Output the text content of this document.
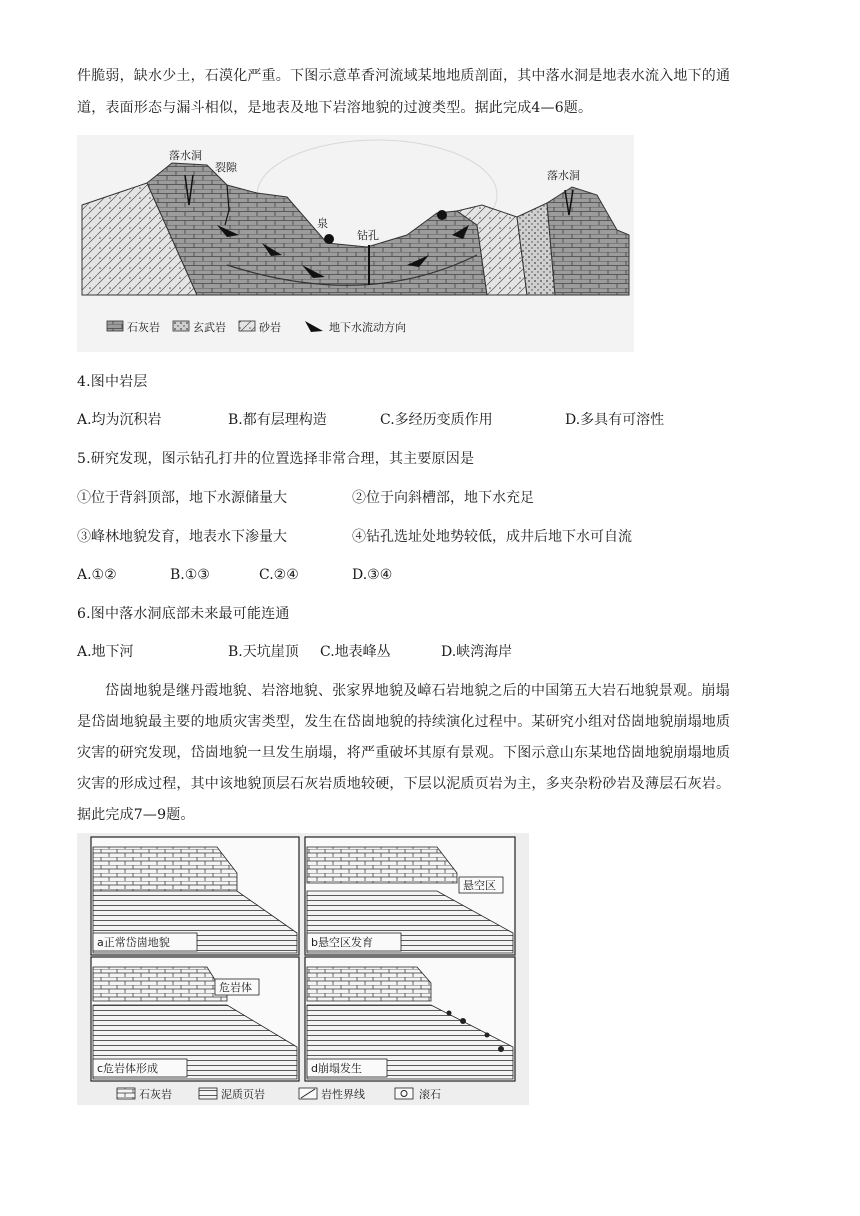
件脆弱，缺水少土，石漠化严重。下图示意革香河流域某地地质剖面，其中落水洞是地表水流入地下的通
道，表面形态与漏斗相似，是地表及地下岩溶地貌的过渡类型。据此完成4—6题。
落水洞
裂隙
泉
钻孔
落水洞
石灰岩	玄武岩	砂岩	地下水流动方向
4.图中岩层
A.均为沉积岩	B.都有层理构造	C.多经历变质作用	D.多具有可溶性
5.研究发现，图示钻孔打井的位置选择非常合理，其主要原因是
①位于背斜顶部，地下水源储量大	②位于向斜槽部，地下水充足
③峰林地貌发育，地表水下渗量大	④钻孔选址处地势较低，成井后地下水可自流
A.①②	B.①③	C.②④	D.③④
6.图中落水洞底部未来最可能连通
A.地下河	B.天坑崖顶 C.地表峰丛	D.峡湾海岸
岱崮地貌是继丹霞地貌、岩溶地貌、张家界地貌及嶂石岩地貌之后的中国第五大岩石地貌景观。崩塌
是岱崮地貌最主要的地质灾害类型，发生在岱崮地貌的持续演化过程中。某研究小组对岱崮地貌崩塌地质
灾害的研究发现，岱崮地貌一旦发生崩塌，将严重破坏其原有景观。下图示意山东某地岱崮地貌崩塌地质
灾害的形成过程，其中该地貌顶层石灰岩质地较硬，下层以泥质页岩为主，多夹杂粉砂岩及薄层石灰岩。
据此完成7—9题。
a正常岱崮地貌
悬空区
b悬空区发育
危岩体
c危岩体形成	d崩塌发生
石灰岩	泥质页岩	岩性界线	滚石
